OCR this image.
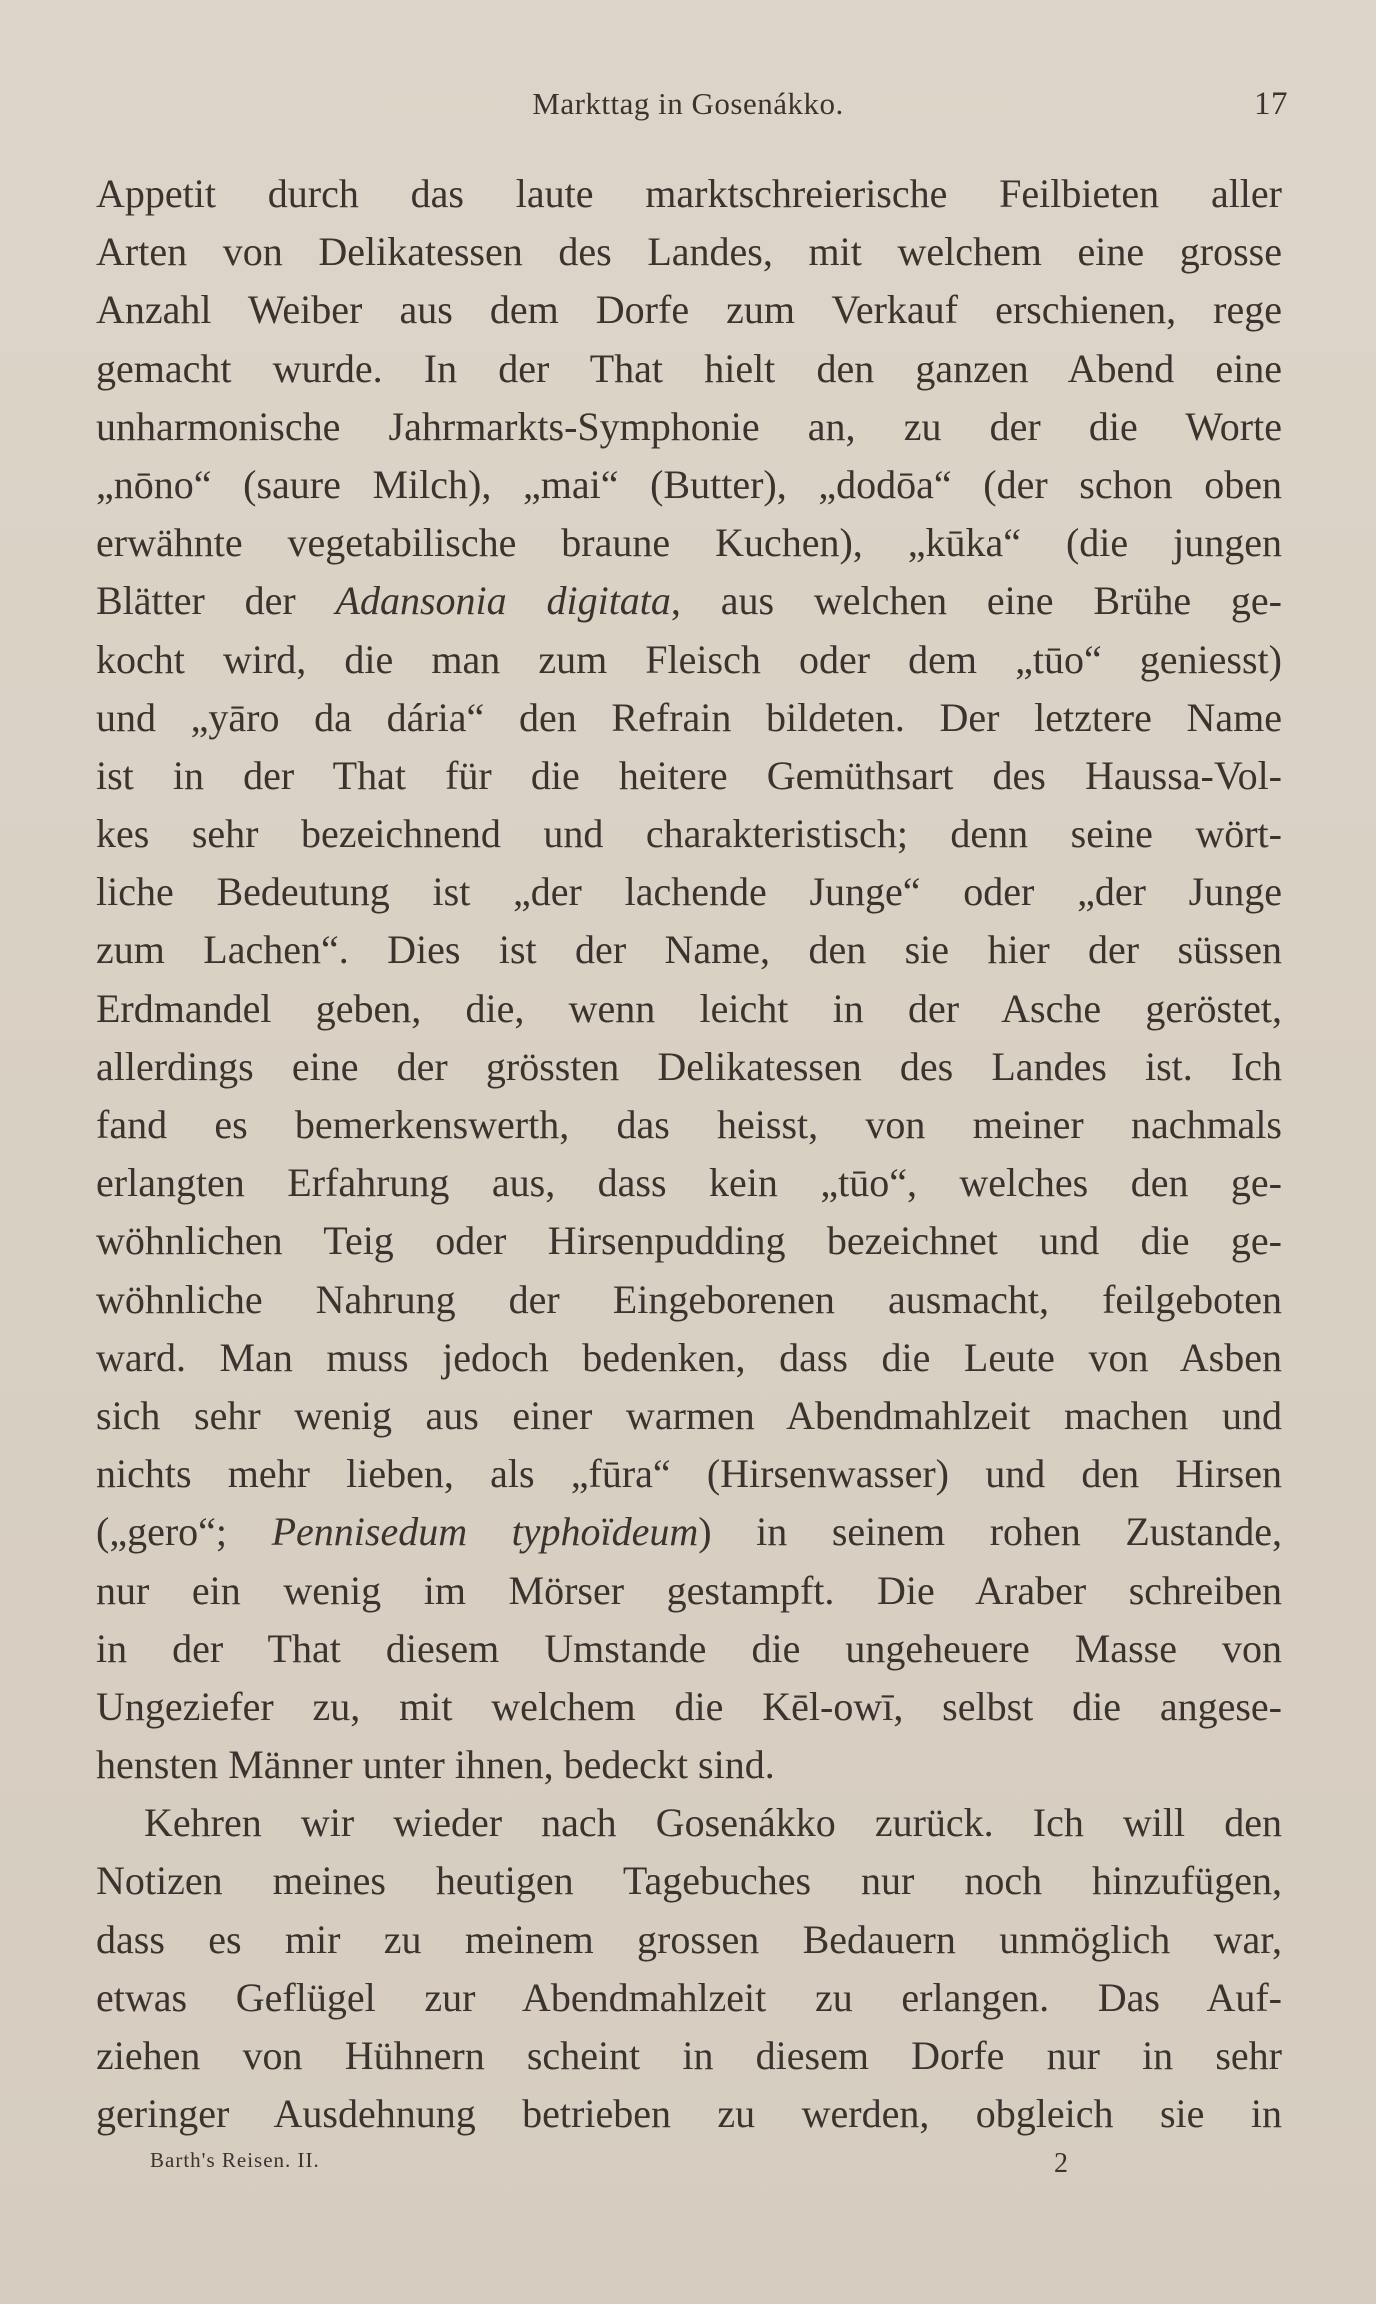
Markttag in Gosenákko.	17
Appetit durch das laute marktschreierische Feilbieten aller
Arten von Delikatessen des Landes, mit welchem eine grosse
Anzahl Weiber aus dem Dorfe zum Verkauf erschienen, rege
gemacht wurde. In der That hielt den ganzen Abend eine
unharmonische Jahrmarkts-Symphonie an, zu der die Worte
„nōno“ (saure Milch), „mai“ (Butter), „dodōa“ (der schon oben
erwähnte vegetabilische braune Kuchen), „kūka“ (die jungen
Blätter der Adansonia digitata, aus welchen eine Brühe ge-
kocht wird, die man zum Fleisch oder dem „tūo“ geniesst)
und „yāro da dária“ den Refrain bildeten. Der letztere Name
ist in der That für die heitere Gemüthsart des Haussa-Vol-
kes sehr bezeichnend und charakteristisch; denn seine wört-
liche Bedeutung ist „der lachende Junge“ oder „der Junge
zum Lachen“. Dies ist der Name, den sie hier der süssen
Erdmandel geben, die, wenn leicht in der Asche geröstet,
allerdings eine der grössten Delikatessen des Landes ist. Ich
fand es bemerkenswerth, das heisst, von meiner nachmals
erlangten Erfahrung aus, dass kein „tūo“, welches den ge-
wöhnlichen Teig oder Hirsenpudding bezeichnet und die ge-
wöhnliche Nahrung der Eingeborenen ausmacht, feilgeboten
ward. Man muss jedoch bedenken, dass die Leute von Asben
sich sehr wenig aus einer warmen Abendmahlzeit machen und
nichts mehr lieben, als „fūra“ (Hirsenwasser) und den Hirsen
(„gero“; Pennisedum typhoïdeum) in seinem rohen Zustande,
nur ein wenig im Mörser gestampft. Die Araber schreiben
in der That diesem Umstande die ungeheuere Masse von
Ungeziefer zu, mit welchem die Kēl-owī, selbst die angese-
hensten Männer unter ihnen, bedeckt sind.
Kehren wir wieder nach Gosenákko zurück. Ich will den
Notizen meines heutigen Tagebuches nur noch hinzufügen,
dass es mir zu meinem grossen Bedauern unmöglich war,
etwas Geflügel zur Abendmahlzeit zu erlangen. Das Auf-
ziehen von Hühnern scheint in diesem Dorfe nur in sehr
geringer Ausdehnung betrieben zu werden, obgleich sie in
Barth's Reisen. II.	2
